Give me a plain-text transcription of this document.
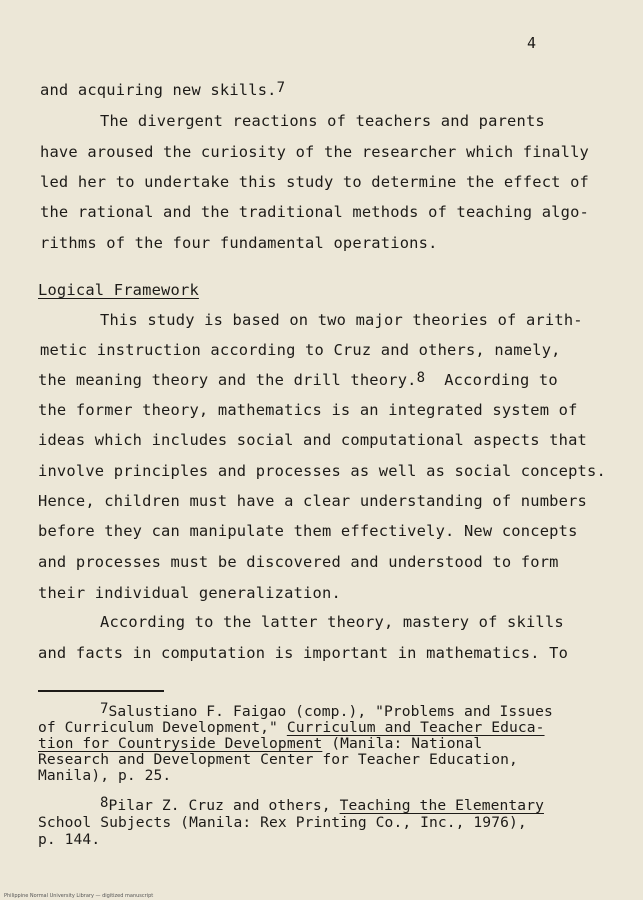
4
and acquiring new skills.$^7$
The divergent reactions of teachers and parents
have aroused the curiosity of the researcher which finally
led her to undertake this study to determine the effect of
the rational and the traditional methods of teaching algo-
rithms of the four fundamental operations.
Logical Framework
This study is based on two major theories of arith-
metic instruction according to Cruz and others, namely,
the meaning theory and the drill theory.$^8$ According to
the former theory, mathematics is an integrated system of
ideas which includes social and computational aspects that
involve principles and processes as well as social concepts.
Hence, children must have a clear understanding of numbers
before they can manipulate them effectively. New concepts
and processes must be discovered and understood to form
their individual generalization.
According to the latter theory, mastery of skills
and facts in computation is important in mathematics. To
$^7$Salustiano F. Faigao (comp.), "Problems and Issues
of Curriculum Development," Curriculum and Teacher Educa-
tion for Countryside Development (Manila: National
Research and Development Center for Teacher Education,
Manila), p. 25.
$^8$Pilar Z. Cruz and others, Teaching the Elementary
School Subjects (Manila: Rex Printing Co., Inc., 1976),
p. 144.
Philippine Normal University Library — digitized manuscript
